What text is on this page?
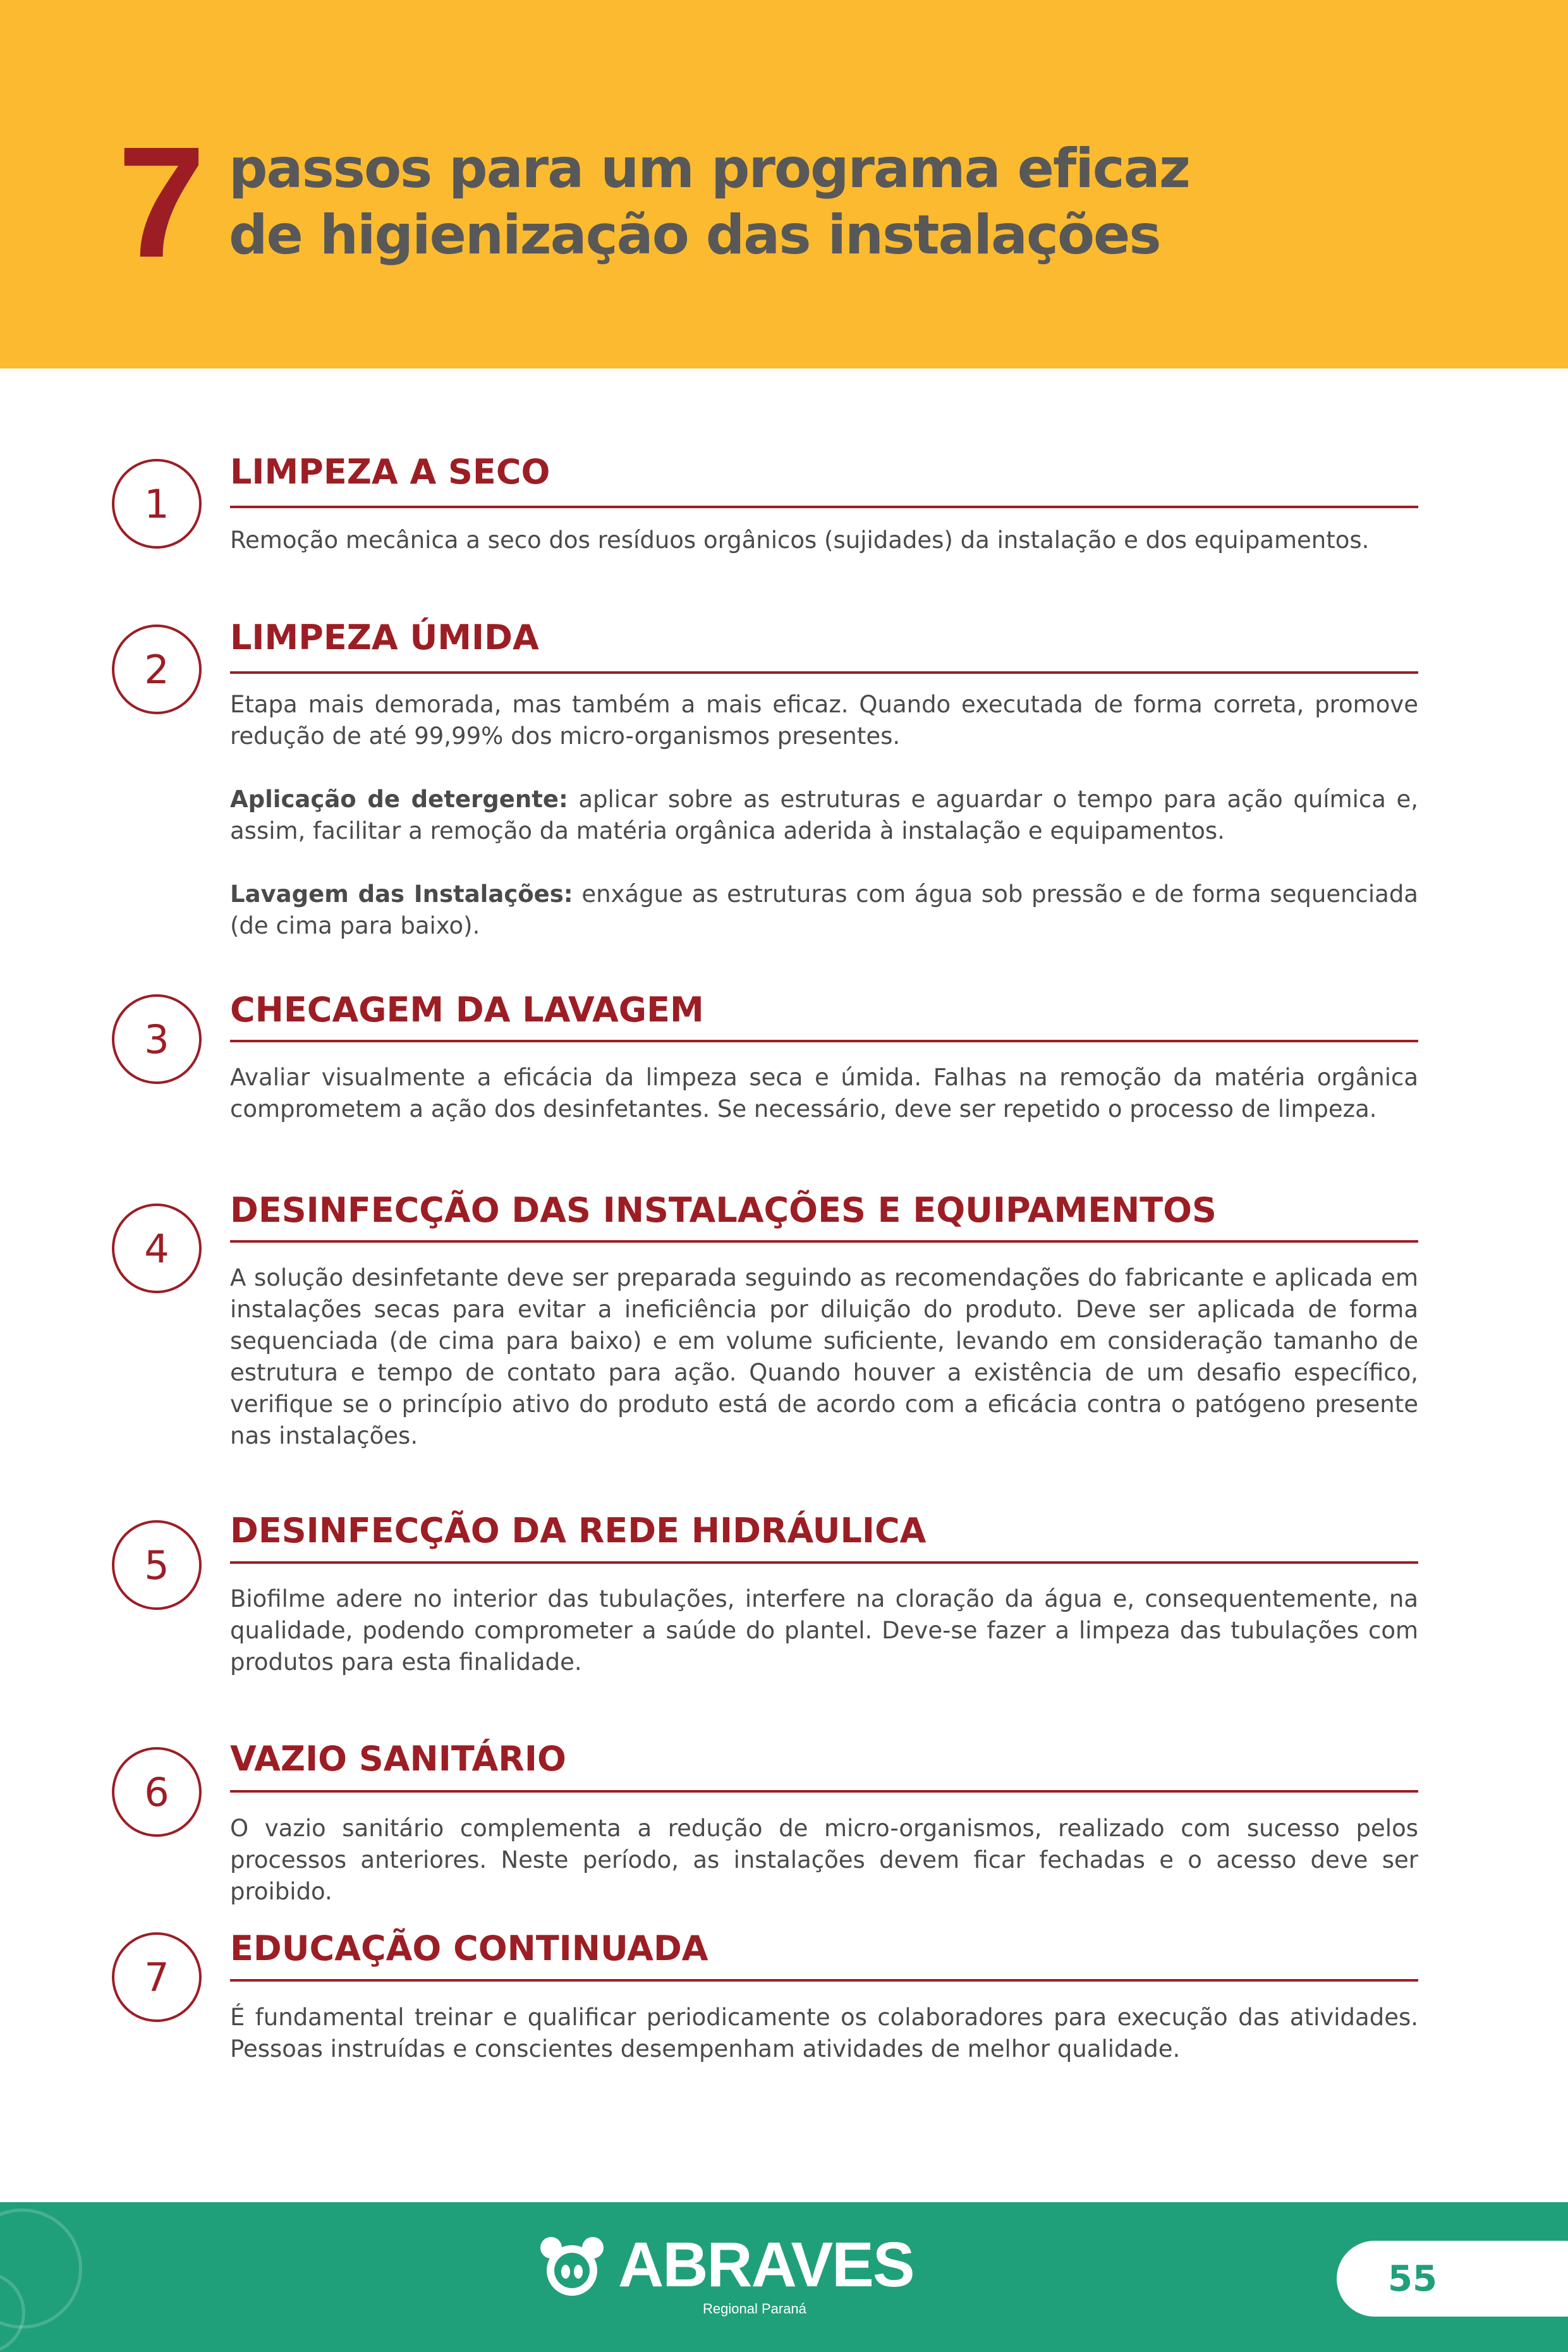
7 passos para um programa eficaz
de higienização das instalações
1
LIMPEZA A SECO

Remoção mecânica a seco dos resíduos orgânicos (sujidades) da instalação e dos equipamentos.

2
LIMPEZA ÚMIDA

Etapa mais demorada, mas também a mais eficaz. Quando executada de forma correta, promove redução de até 99,99% dos micro-organismos presentes.

Aplicação de detergente: aplicar sobre as estruturas e aguardar o tempo para ação química e, assim, facilitar a remoção da matéria orgânica aderida à instalação e equipamentos.

Lavagem das Instalações: enxágue as estruturas com água sob pressão e de forma sequenciada (de cima para baixo).

3
CHECAGEM DA LAVAGEM

Avaliar visualmente a eficácia da limpeza seca e úmida. Falhas na remoção da matéria orgânica comprometem a ação dos desinfetantes. Se necessário, deve ser repetido o processo de limpeza.

4
DESINFECÇÃO DAS INSTALAÇÕES E EQUIPAMENTOS

A solução desinfetante deve ser preparada seguindo as recomendações do fabricante e aplicada em instalações secas para evitar a ineficiência por diluição do produto. Deve ser aplicada de forma sequenciada (de cima para baixo) e em volume suficiente, levando em consideração tamanho de estrutura e tempo de contato para ação. Quando houver a existência de um desafio específico, verifique se o princípio ativo do produto está de acordo com a eficácia contra o patógeno presente nas instalações.

5
DESINFECÇÃO DA REDE HIDRÁULICA

Biofilme adere no interior das tubulações, interfere na cloração da água e, consequentemente, na qualidade, podendo comprometer a saúde do plantel. Deve-se fazer a limpeza das tubulações com produtos para esta finalidade.

6
VAZIO SANITÁRIO

O vazio sanitário complementa a redução de micro-organismos, realizado com sucesso pelos processos anteriores. Neste período, as instalações devem ficar fechadas e o acesso deve ser proibido.

7
EDUCAÇÃO CONTINUADA

É fundamental treinar e qualificar periodicamente os colaboradores para execução das atividades. Pessoas instruídas e conscientes desempenham atividades de melhor qualidade.

ABRAVES
Regional Paraná
55
